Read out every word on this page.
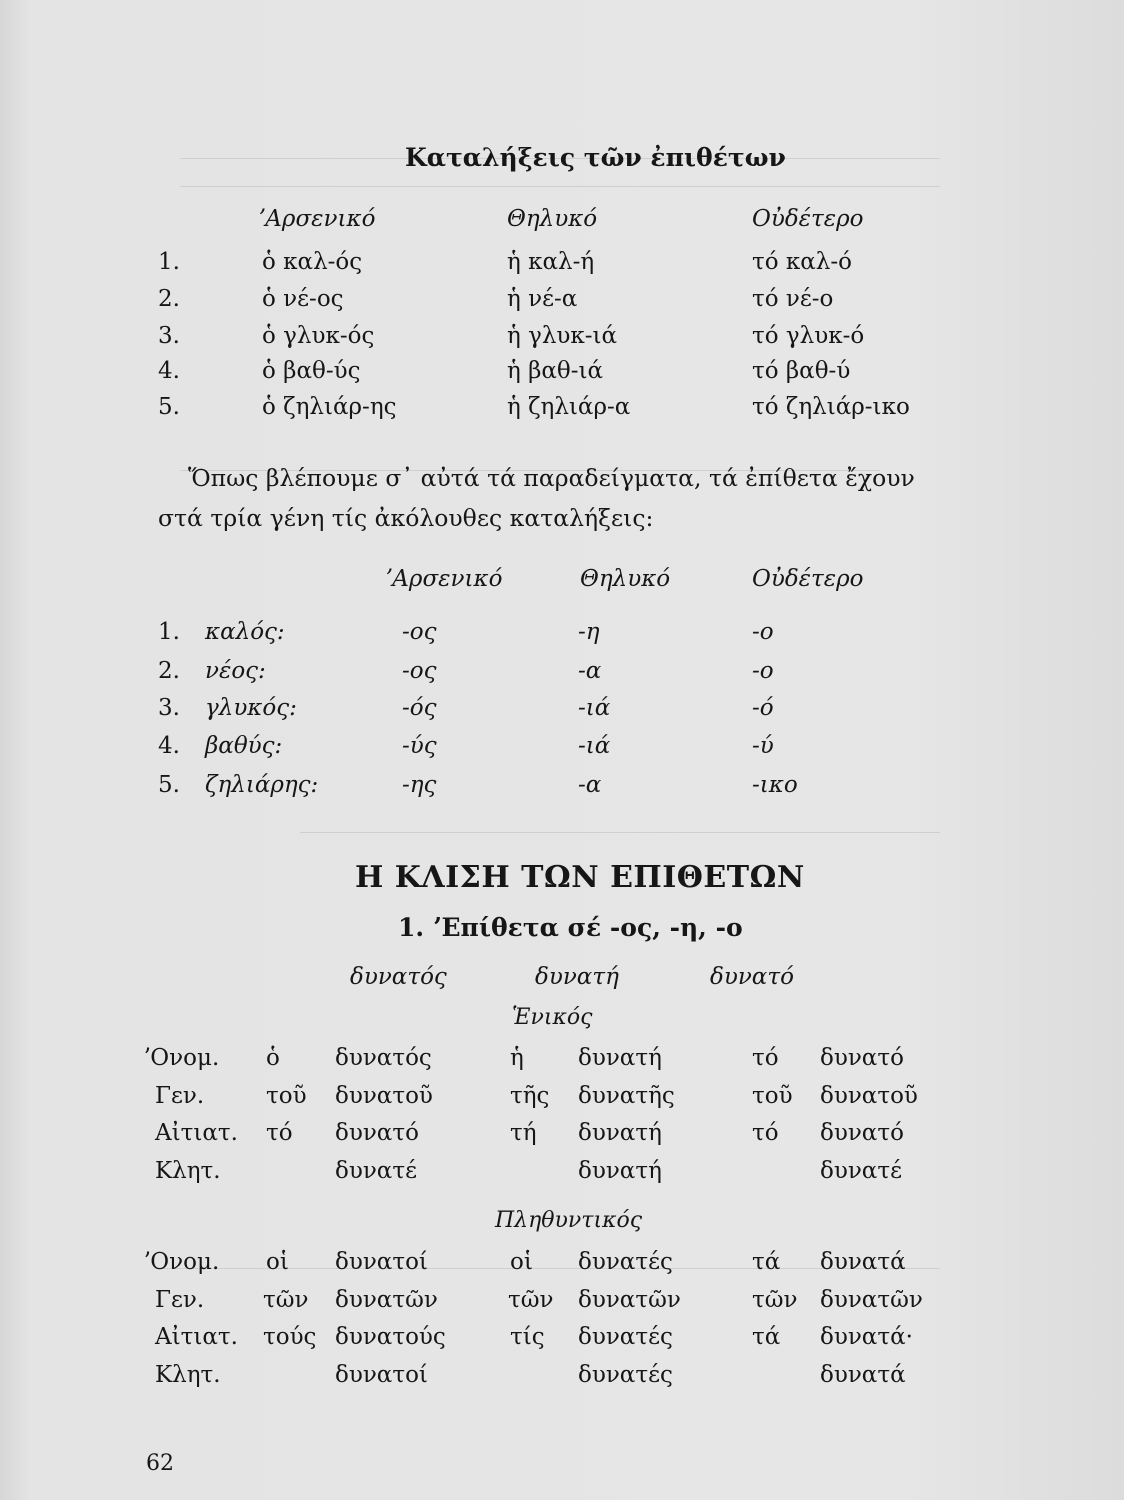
Καταλήξεις τῶν ἐπιθέτων
ʼΑρσενικό	Θηλυκό	Οὐδέτερο
1.	ὁ καλ-ός	ἡ καλ-ή	τό καλ-ό
2.	ὁ νέ-ος	ἡ νέ-α	τό νέ-ο
3.	ὁ γλυκ-ός	ἡ γλυκ-ιά	τό γλυκ-ό
4.	ὁ βαθ-ύς	ἡ βαθ-ιά	τό βαθ-ύ
5.	ὁ ζηλιάρ-ης	ἡ ζηλιάρ-α	τό ζηλιάρ-ικο
Ὅπως βλέπουμε σ᾽ αὐτά τά παραδείγματα, τά ἐπίθετα ἔχουν
στά τρία γένη τίς ἀκόλουθες καταλήξεις:
ʼΑρσενικό	Θηλυκό	Οὐδέτερο
1. καλός:	-ος	-η	-ο
2. νέος:	-ος	-α	-ο
3. γλυκός:	-ός	-ιά	-ό
4. βαθύς:	-ύς	-ιά	-ύ
5. ζηλιάρης:	-ης	-α	-ικο
Η ΚΛΙΣΗ ΤΩΝ ΕΠΙΘΕΤΩΝ
1. ʼΕπίθετα σέ -ος, -η, -ο
δυνατός	δυνατή	δυνατό
Ἑνικός
ʼΟνομ. ὁ δυνατός	ἡ δυνατή	τό δυνατό
Γεν.	τοῦ δυνατοῦ	τῆς δυνατῆς	τοῦ δυνατοῦ
Αἰτιατ. τό δυνατό	τή δυνατή	τό δυνατό
Κλητ.	δυνατέ	δυνατή	δυνατέ
Πληθυντικός
ʼΟνομ. οἱ δυνατοί	οἱ δυνατές	τά δυνατά
Γεν.	τῶν δυνατῶν	τῶν δυνατῶν	τῶν δυνατῶν
Αἰτιατ. τούς δυνατούς	τίς δυνατές	τά δυνατά·
Κλητ.	δυνατοί	δυνατές	δυνατά
62
